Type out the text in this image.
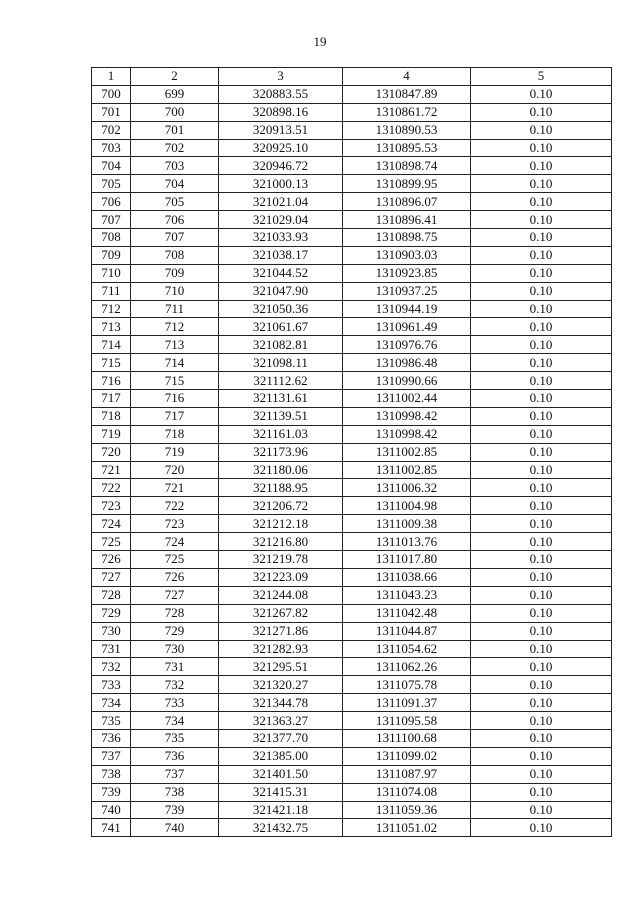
19
1	2	3	4	5
700	699	320883.55	1310847.89	0.10
701	700	320898.16	1310861.72	0.10
702	701	320913.51	1310890.53	0.10
703	702	320925.10	1310895.53	0.10
704	703	320946.72	1310898.74	0.10
705	704	321000.13	1310899.95	0.10
706	705	321021.04	1310896.07	0.10
707	706	321029.04	1310896.41	0.10
708	707	321033.93	1310898.75	0.10
709	708	321038.17	1310903.03	0.10
710	709	321044.52	1310923.85	0.10
711	710	321047.90	1310937.25	0.10
712	711	321050.36	1310944.19	0.10
713	712	321061.67	1310961.49	0.10
714	713	321082.81	1310976.76	0.10
715	714	321098.11	1310986.48	0.10
716	715	321112.62	1310990.66	0.10
717	716	321131.61	1311002.44	0.10
718	717	321139.51	1310998.42	0.10
719	718	321161.03	1310998.42	0.10
720	719	321173.96	1311002.85	0.10
721	720	321180.06	1311002.85	0.10
722	721	321188.95	1311006.32	0.10
723	722	321206.72	1311004.98	0.10
724	723	321212.18	1311009.38	0.10
725	724	321216.80	1311013.76	0.10
726	725	321219.78	1311017.80	0.10
727	726	321223.09	1311038.66	0.10
728	727	321244.08	1311043.23	0.10
729	728	321267.82	1311042.48	0.10
730	729	321271.86	1311044.87	0.10
731	730	321282.93	1311054.62	0.10
732	731	321295.51	1311062.26	0.10
733	732	321320.27	1311075.78	0.10
734	733	321344.78	1311091.37	0.10
735	734	321363.27	1311095.58	0.10
736	735	321377.70	1311100.68	0.10
737	736	321385.00	1311099.02	0.10
738	737	321401.50	1311087.97	0.10
739	738	321415.31	1311074.08	0.10
740	739	321421.18	1311059.36	0.10
741	740	321432.75	1311051.02	0.10
